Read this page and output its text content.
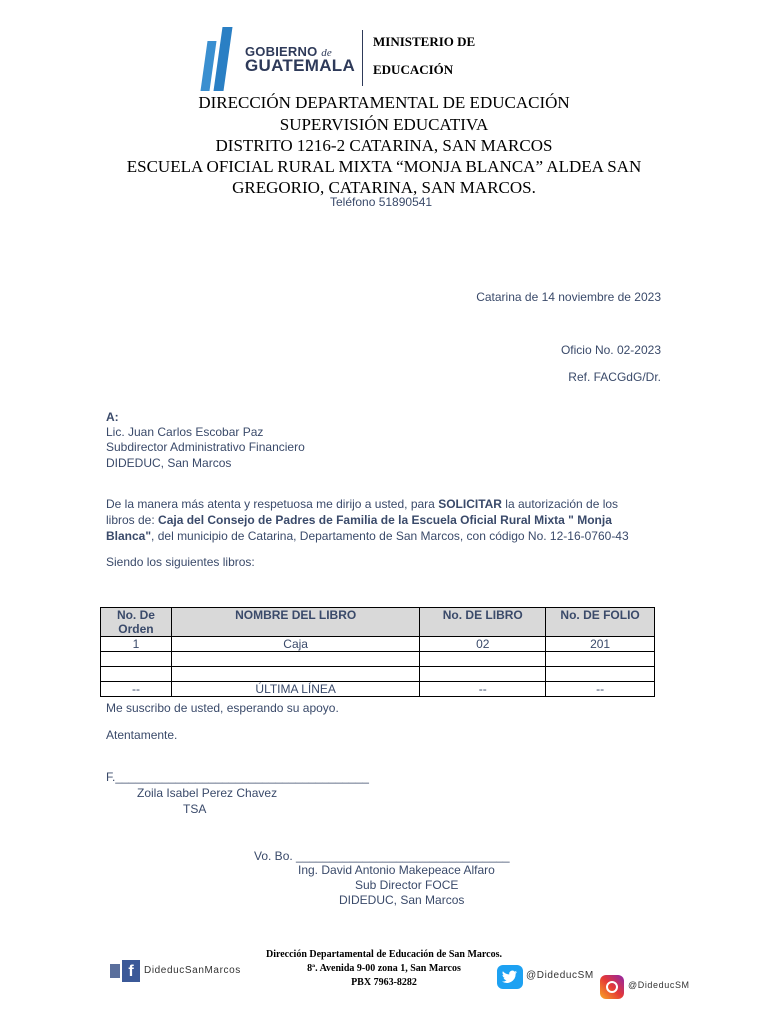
GOBIERNO de
GUATEMALA
MINISTERIO DE
EDUCACIÓN
DIRECCIÓN DEPARTAMENTAL DE EDUCACIÓN
SUPERVISIÓN EDUCATIVA
DISTRITO 1216-2 CATARINA, SAN MARCOS
ESCUELA OFICIAL RURAL MIXTA “MONJA BLANCA” ALDEA SAN
GREGORIO, CATARINA, SAN MARCOS.
Teléfono 51890541
Catarina de 14 noviembre de 2023
Oficio No. 02-2023
Ref. FACGdG/Dr.
A:
Lic. Juan Carlos Escobar Paz
Subdirector Administrativo Financiero
DIDEDUC, San Marcos
De la manera más atenta y respetuosa me dirijo a usted, para SOLICITAR la autorización de los
libros de: Caja del Consejo de Padres de Familia de la Escuela Oficial Rural Mixta " Monja
Blanca", del municipio de Catarina, Departamento de San Marcos, con código No. 12-16-0760-43
Siendo los siguientes libros:
No. De Orden	NOMBRE DEL LIBRO	No. DE LIBRO	No. DE FOLIO
1	Caja	02	201

--	ÚLTIMA LÍNEA	--	--
Me suscribo de usted, esperando su apoyo.
Atentamente.
F.______________________________________
Zoila Isabel Perez Chavez
TSA
Vo. Bo. ________________________________
Ing. David Antonio Makepeace Alfaro
Sub Director FOCE
DIDEDUC, San Marcos
Dirección Departamental de Educación de San Marcos.
8ª. Avenida 9-00 zona 1, San Marcos
PBX 7963-8282
f	DideducSanMarcos	@DideducSM
@DideducSM
